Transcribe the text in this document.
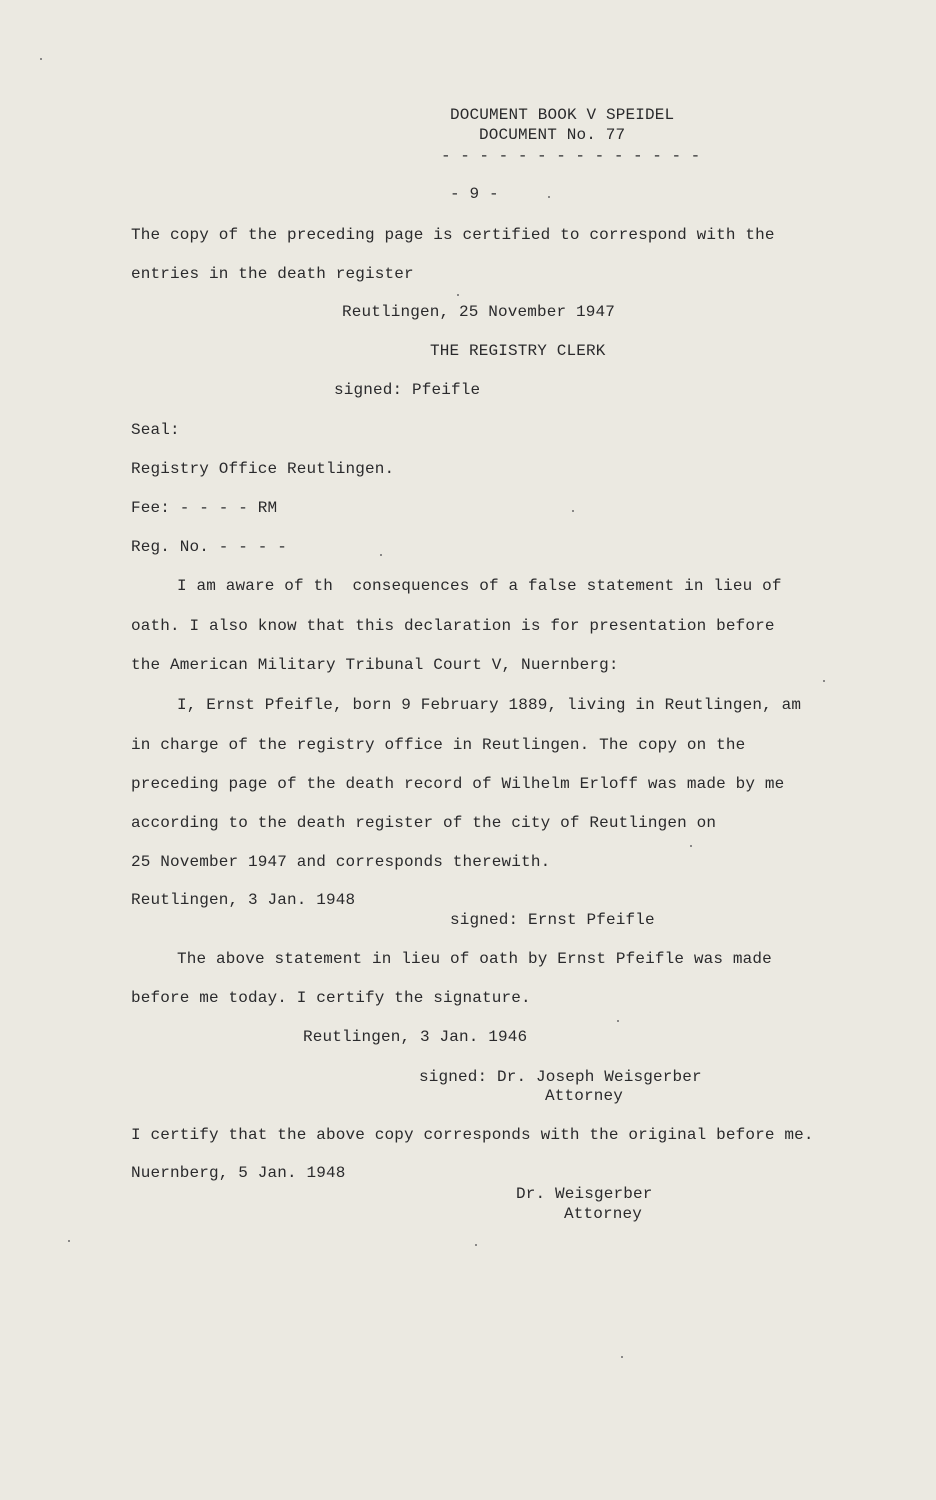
DOCUMENT BOOK V SPEIDEL
DOCUMENT No. 77
- - - - - - - - - - - - - -
- 9 -
The copy of the preceding page is certified to correspond with the
entries in the death register
Reutlingen, 25 November 1947
THE REGISTRY CLERK
signed: Pfeifle
Seal:
Registry Office Reutlingen.
Fee: - - - - RM
Reg. No. - - - -
I am aware of th  consequences of a false statement in lieu of
oath. I also know that this declaration is for presentation before
the American Military Tribunal Court V, Nuernberg:
I, Ernst Pfeifle, born 9 February 1889, living in Reutlingen, am
in charge of the registry office in Reutlingen. The copy on the
preceding page of the death record of Wilhelm Erloff was made by me
according to the death register of the city of Reutlingen on
25 November 1947 and corresponds therewith.
Reutlingen, 3 Jan. 1948
signed: Ernst Pfeifle
The above statement in lieu of oath by Ernst Pfeifle was made
before me today. I certify the signature.
Reutlingen, 3 Jan. 1946
signed: Dr. Joseph Weisgerber
Attorney
I certify that the above copy corresponds with the original before me.
Nuernberg, 5 Jan. 1948
Dr. Weisgerber
Attorney
